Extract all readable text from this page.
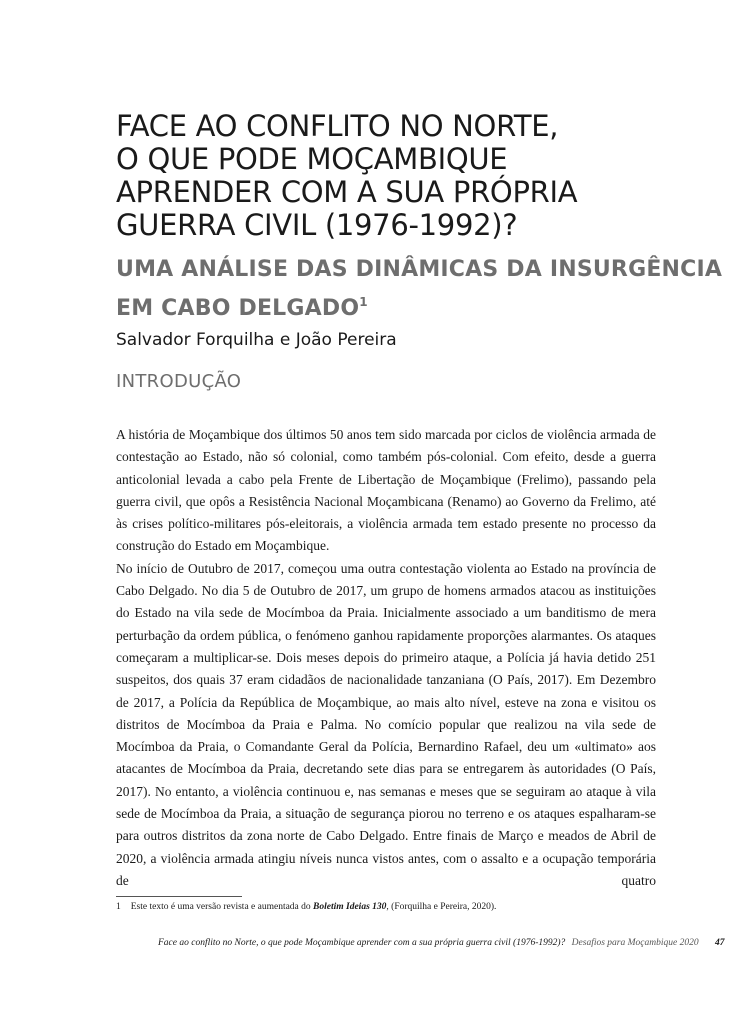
FACE AO CONFLITO NO NORTE,
O QUE PODE MOÇAMBIQUE
APRENDER COM A SUA PRÓPRIA
GUERRA CIVIL (1976-1992)?
UMA ANÁLISE DAS DINÂMICAS DA INSURGÊNCIA
EM CABO DELGADO$^1$
Salvador Forquilha e João Pereira
INTRODUÇÃO

A história de Moçambique dos últimos 50 anos tem sido marcada por ciclos de violência armada de contestação ao Estado, não só colonial, como também pós-colonial. Com efeito, desde a guerra anticolonial levada a cabo pela Frente de Libertação de Moçambique (Frelimo), passando pela guerra civil, que opôs a Resistência Nacional Moçambicana (Renamo) ao Governo da Frelimo, até às crises político-militares pós-eleitorais, a violência armada tem estado presente no processo da construção do Estado em Moçambique.

No início de Outubro de 2017, começou uma outra contestação violenta ao Estado na província de Cabo Delgado. No dia 5 de Outubro de 2017, um grupo de homens armados atacou as instituições do Estado na vila sede de Mocímboa da Praia. Inicialmente associado a um banditismo de mera perturbação da ordem pública, o fenómeno ganhou rapidamente proporções alarmantes. Os ataques começaram a multiplicar-se. Dois meses depois do primeiro ataque, a Polícia já havia detido 251 suspeitos, dos quais 37 eram cidadãos de nacionalidade tanzaniana (O País, 2017). Em Dezembro de 2017, a Polícia da República de Moçambique, ao mais alto nível, esteve na zona e visitou os distritos de Mocímboa da Praia e Palma. No comício popular que realizou na vila sede de Mocímboa da Praia, o Comandante Geral da Polícia, Bernardino Rafael, deu um «ultimato» aos atacantes de Mocímboa da Praia, decretando sete dias para se entregarem às autoridades (O País, 2017). No entanto, a violência continuou e, nas semanas e meses que se seguiram ao ataque à vila sede de Mocímboa da Praia, a situação de segurança piorou no terreno e os ataques espalharam-se para outros distritos da zona norte de Cabo Delgado. Entre finais de Março e meados de Abril de 2020, a violência armada atingiu níveis nunca vistos antes, com o assalto e a ocupação temporária de quatro

1 Este texto é uma versão revista e aumentada do Boletim Ideias 130, (Forquilha e Pereira, 2020).
Face ao conflito no Norte, o que pode Moçambique aprender com a sua própria guerra civil (1976-1992)? Desafios para Moçambique 2020 47
